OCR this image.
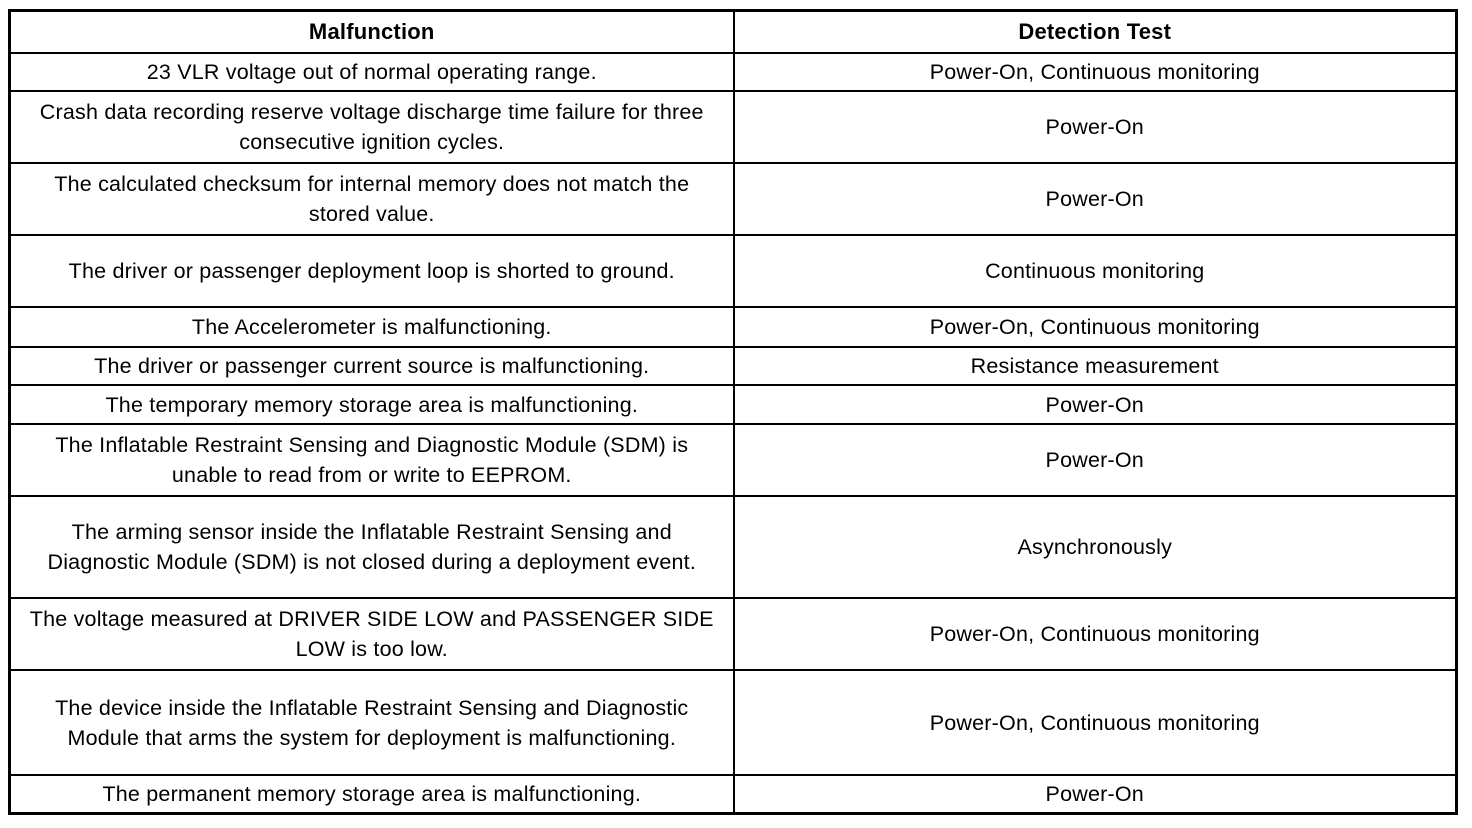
Malfunction	Detection Test
23 VLR voltage out of normal operating range.	Power-On, Continuous monitoring
Crash data recording reserve voltage discharge time failure for three consecutive ignition cycles.	Power-On
The calculated checksum for internal memory does not match the stored value.	Power-On
The driver or passenger deployment loop is shorted to ground.	Continuous monitoring
The Accelerometer is malfunctioning.	Power-On, Continuous monitoring
The driver or passenger current source is malfunctioning.	Resistance measurement
The temporary memory storage area is malfunctioning.	Power-On
The Inflatable Restraint Sensing and Diagnostic Module (SDM) is unable to read from or write to EEPROM.	Power-On
The arming sensor inside the Inflatable Restraint Sensing and Diagnostic Module (SDM) is not closed during a deployment event.	Asynchronously
The voltage measured at DRIVER SIDE LOW and PASSENGER SIDE LOW is too low.	Power-On, Continuous monitoring
The device inside the Inflatable Restraint Sensing and Diagnostic Module that arms the system for deployment is malfunctioning.	Power-On, Continuous monitoring
The permanent memory storage area is malfunctioning.	Power-On
